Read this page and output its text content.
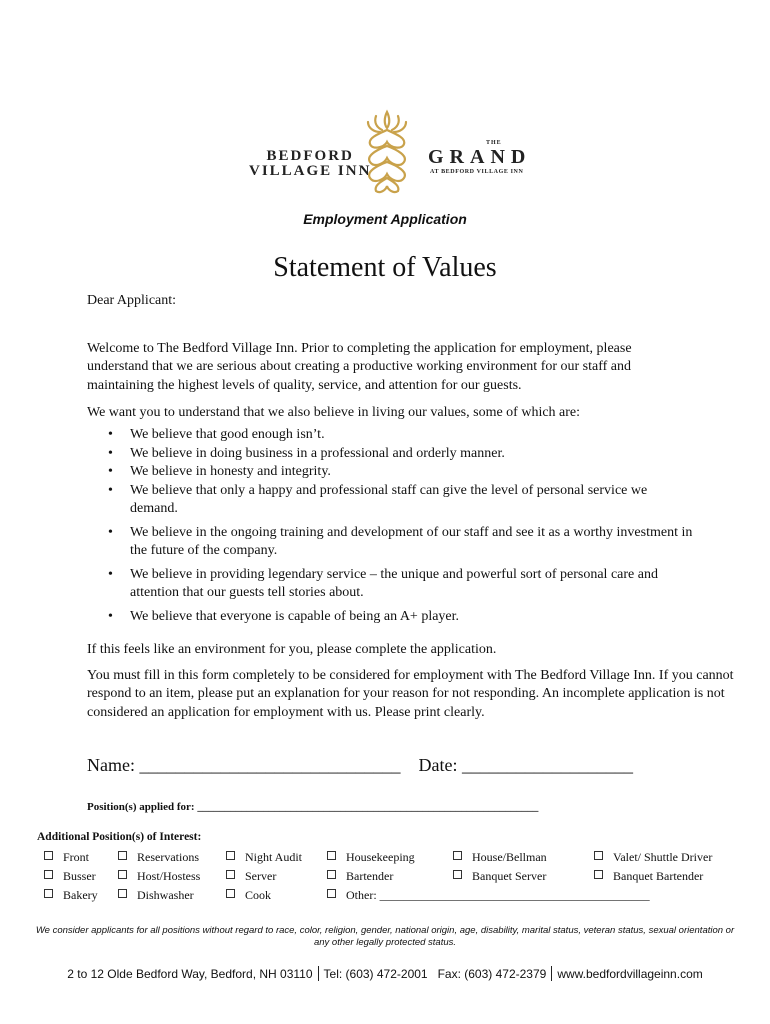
BEDFORD
VILLAGE INN
THE
GRAND
AT BEDFORD VILLAGE INN
Employment Application
Statement of Values
Dear Applicant:
Welcome to The Bedford Village Inn. Prior to completing the application for employment, please understand that we are serious about creating a productive working environment for our staff and maintaining the highest levels of quality, service, and attention for our guests.
We want you to understand that we also believe in living our values, some of which are:
• We believe that good enough isn’t.
• We believe in doing business in a professional and orderly manner.
• We believe in honesty and integrity.
• We believe that only a happy and professional staff can give the level of personal service we demand.
• We believe in the ongoing training and development of our staff and see it as a worthy investment in the future of the company.
• We believe in providing legendary service – the unique and powerful sort of personal care and attention that our guests tell stories about.
• We believe that everyone is capable of being an A+ player.
If this feels like an environment for you, please complete the application.
You must fill in this form completely to be considered for employment with The Bedford Village Inn. If you cannot respond to an item, please put an explanation for your reason for not responding. An incomplete application is not considered an application for employment with us. Please print clearly.
Name: _____________________________ Date: ___________________
Position(s) applied for: ______________________________________________________________
Additional Position(s) of Interest:
Front
Busser
Bakery
Reservations
Host/Hostess
Dishwasher
Night Audit
Server
Cook
Housekeeping
Bartender
Other: _____________________________________________
House/Bellman
Banquet Server
Valet/ Shuttle Driver
Banquet Bartender
We consider applicants for all positions without regard to race, color, religion, gender, national origin, age, disability, marital status, veteran status, sexual orientation or any other legally protected status.
2 to 12 Olde Bedford Way, Bedford, NH 03110 Tel: (603) 472-2001   Fax: (603) 472-2379 www.bedfordvillageinn.com
